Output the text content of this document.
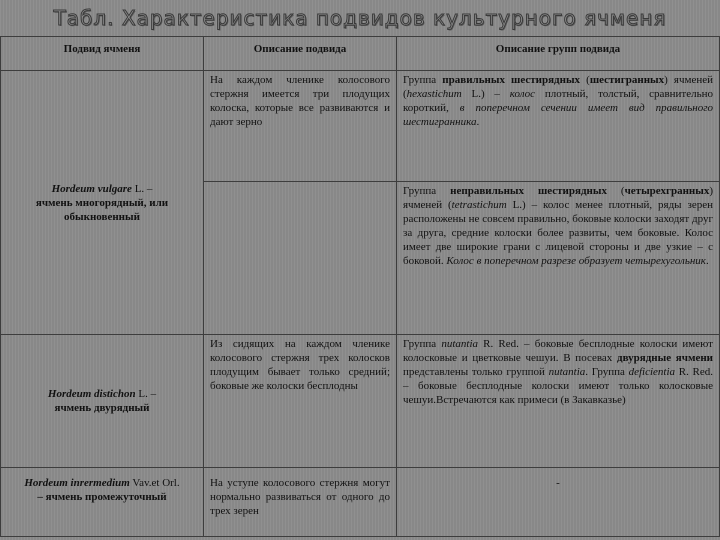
Табл. Характеристика подвидов культурного ячменя
Подвид ячменя	Описание подвида	Описание групп подвида
Hordeum vulgare L. –
ячмень многорядный, или обыкновенный	На каждом членике колосового стержня имеется три плодущих колоска, которые все развиваются и дают зерно	Группа правильных шестирядных (шестигранных) ячменей (hexastichum L.) – колос плотный, толстый, сравнительно короткий, в поперечном сечении имеет вид правильного шестигранника.
		Группа неправильных шестирядных (четырехгранных) ячменей (tetrastichum L.) – колос менее плотный, ряды зерен расположены не совсем правильно, боковые колоски заходят друг за друга, средние колоски более развиты, чем боковые. Колос имеет две широкие грани с лицевой стороны и две узкие – с боковой. Колос в поперечном разрезе образует четырехугольник.
Hordeum distichon L. –
ячмень двурядный	Из сидящих на каждом членике колосового стержня трех колосков плодущим бывает только средний; боковые же колоски бесплодны	Группа nutantia R. Red. – боковые бесплодные колоски имеют колосковые и цветковые чешуи. В посевах двурядные ячмени представлены только группой nutantia. Группа deficientia R. Red. – боковые бесплодные колоски имеют только колосковые чешуи.Встречаются как примеси (в Закавказье)
Hordeum inrermedium Vav.et Orl.
– ячмень промежуточный	На уступе колосового стержня могут нормально развиваться от одного до трех зерен	-
